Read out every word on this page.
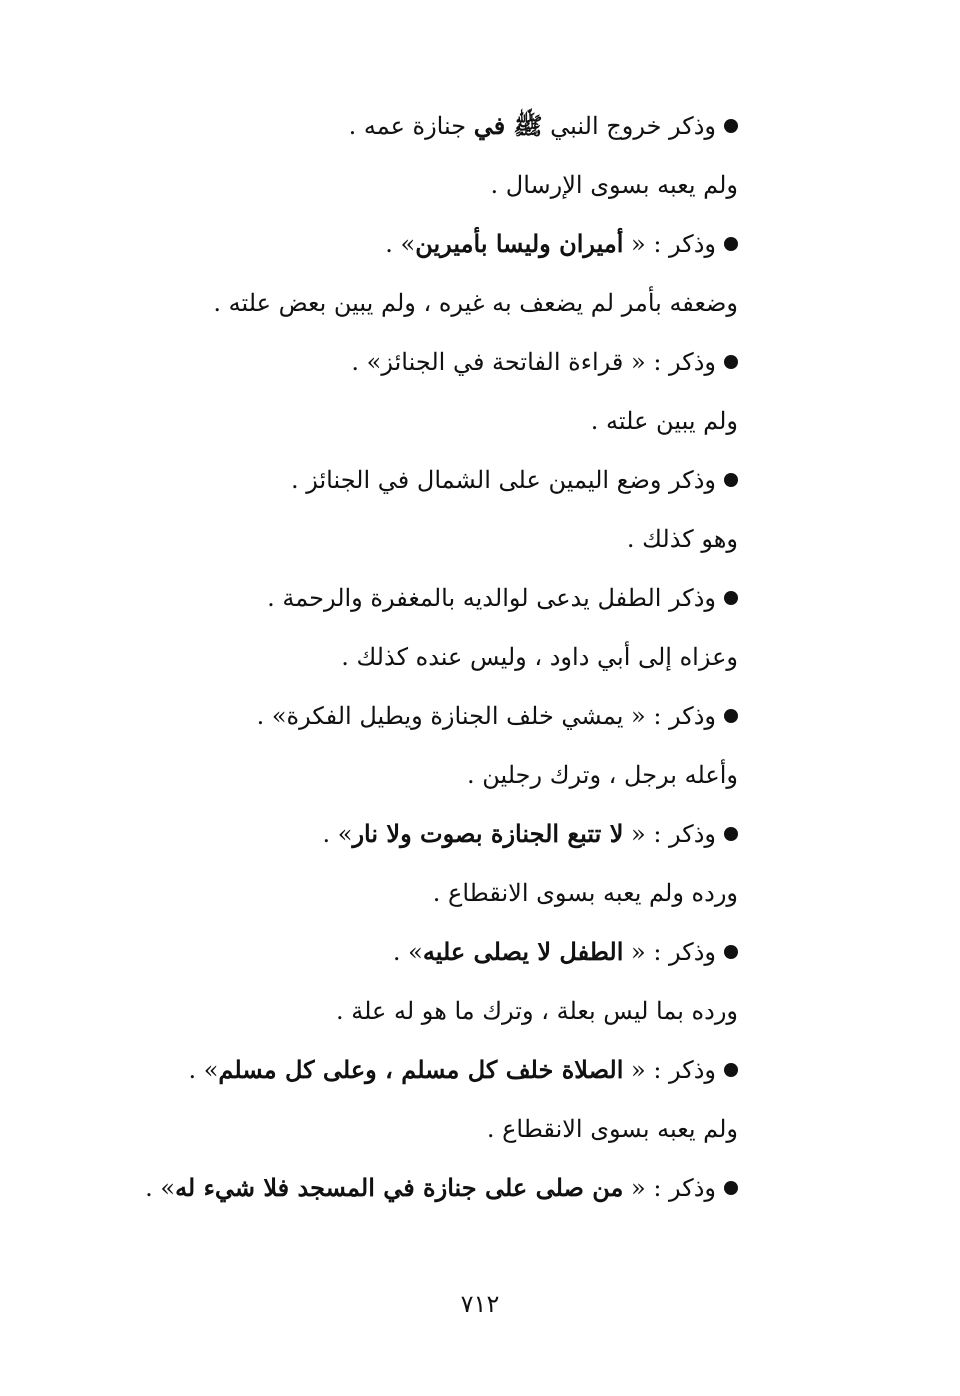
وذكر خروج النبي ﷺ في جنازة عمه .
ولم يعبه بسوى الإرسال .
وذكر : « أميران وليسا بأميرين» .
وضعفه بأمر لم يضعف به غيره ، ولم يبين بعض علته .
وذكر : « قراءة الفاتحة في الجنائز» .
ولم يبين علته .
وذكر وضع اليمين على الشمال في الجنائز .
وهو كذلك .
وذكر الطفل يدعى لوالديه بالمغفرة والرحمة .
وعزاه إلى أبي داود ، وليس عنده كذلك .
وذكر : « يمشي خلف الجنازة ويطيل الفكرة» .
وأعله برجل ، وترك رجلين .
وذكر : « لا تتبع الجنازة بصوت ولا نار» .
ورده ولم يعبه بسوى الانقطاع .
وذكر : « الطفل لا يصلى عليه» .
ورده بما ليس بعلة ، وترك ما هو له علة .
وذكر : « الصلاة خلف كل مسلم ، وعلى كل مسلم» .
ولم يعبه بسوى الانقطاع .
وذكر : « من صلى على جنازة في المسجد فلا شيء له» .
٧١٢
